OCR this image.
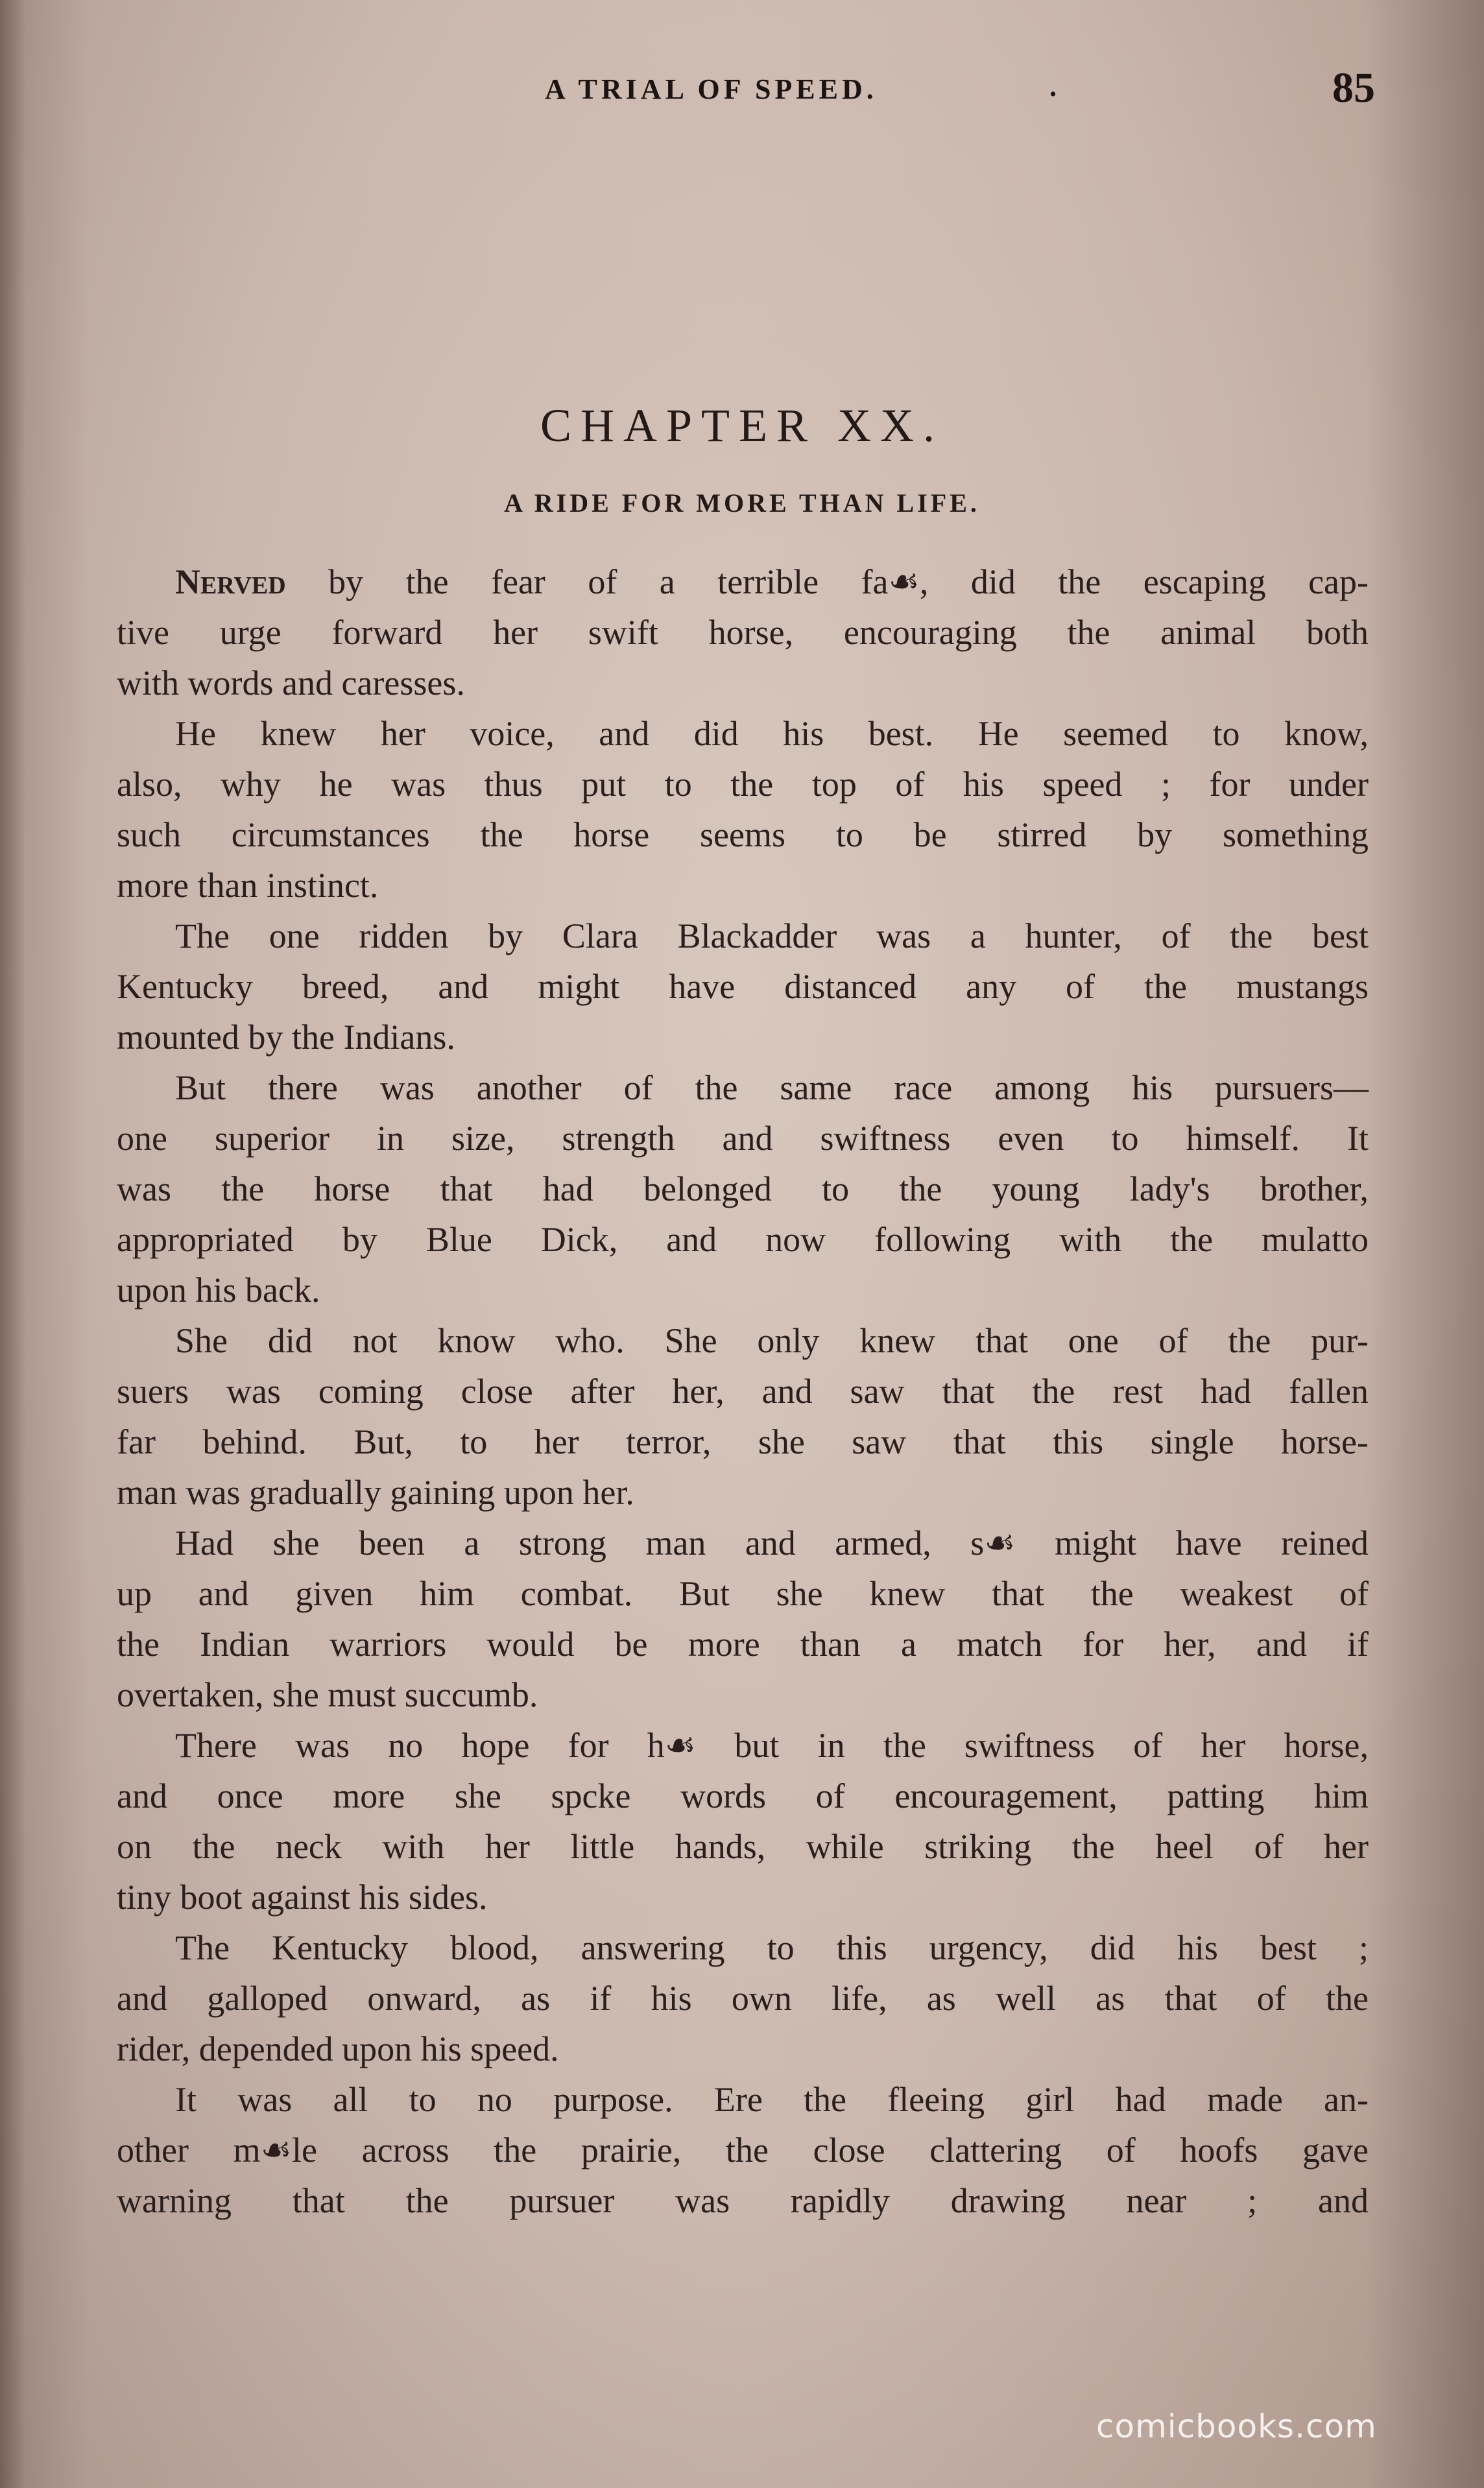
A TRIAL OF SPEED.	.	85
CHAPTER XX.
A RIDE FOR MORE THAN LIFE.
Nerved by the fear of a terrible fa☙, did the escaping cap-
tive urge forward her swift horse, encouraging the animal both
with words and caresses.
He knew her voice, and did his best. He seemed to know,
also, why he was thus put to the top of his speed ; for under
such circumstances the horse seems to be stirred by something
more than instinct.
The one ridden by Clara Blackadder was a hunter, of the best
Kentucky breed, and might have distanced any of the mustangs
mounted by the Indians.
But there was another of the same race among his pursuers—
one superior in size, strength and swiftness even to himself. It
was the horse that had belonged to the young lady's brother,
appropriated by Blue Dick, and now following with the mulatto
upon his back.
She did not know who. She only knew that one of the pur-
suers was coming close after her, and saw that the rest had fallen
far behind. But, to her terror, she saw that this single horse-
man was gradually gaining upon her.
Had she been a strong man and armed, s☙ might have reined
up and given him combat. But she knew that the weakest of
the Indian warriors would be more than a match for her, and if
overtaken, she must succumb.
There was no hope for h☙ but in the swiftness of her horse,
and once more she spcke words of encouragement, patting him
on the neck with her little hands, while striking the heel of her
tiny boot against his sides.
The Kentucky blood, answering to this urgency, did his best ;
and galloped onward, as if his own life, as well as that of the
rider, depended upon his speed.
It was all to no purpose. Ere the fleeing girl had made an-
other m☙le across the prairie, the close clattering of hoofs gave
warning that the pursuer was rapidly drawing near ; and
comicbooks.com
